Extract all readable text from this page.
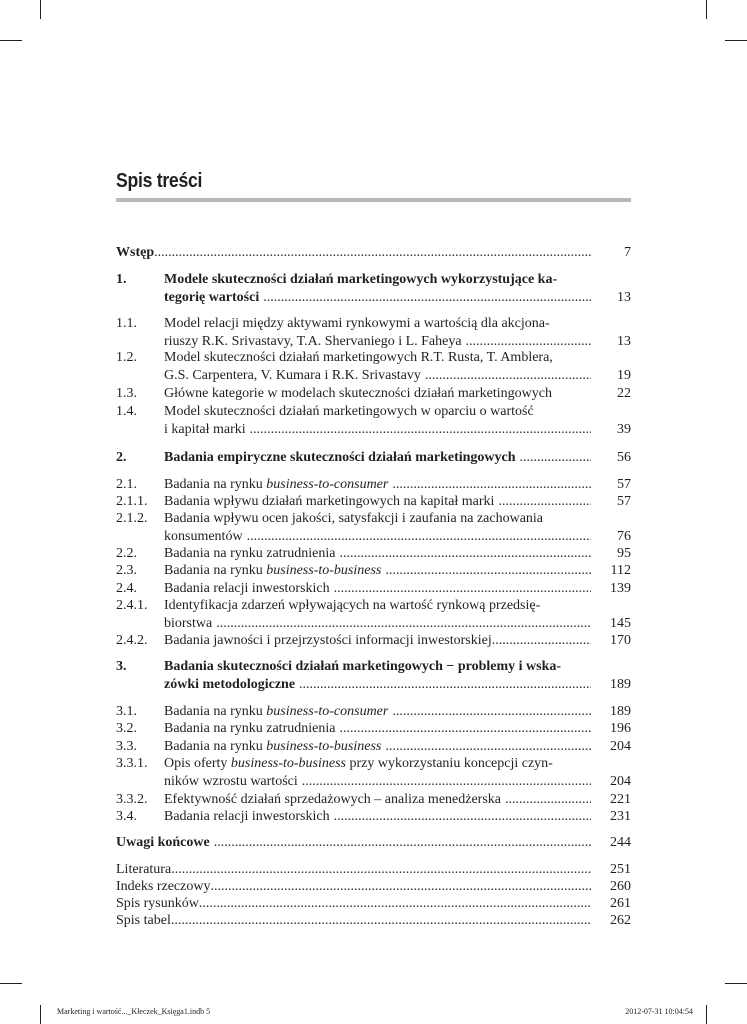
Spis treści
Wstęp .....	7
1.	Modele skuteczności działań marketingowych wykorzystujące ka-
tegorię wartości .....	13
1.1. Model relacji między aktywami rynkowymi a wartością dla akcjona-
riuszy R.K. Srivastavy, T.A. Shervaniego i L. Faheya .....	13
1.2. Model skuteczności działań marketingowych R.T. Rusta, T. Amblera,
G.S. Carpentera, V. Kumara i R.K. Srivastavy .....	19
1.3. Główne kategorie w modelach skuteczności działań marketingowych	22
1.4. Model skuteczności działań marketingowych w oparciu o wartość
i kapitał marki .....	39
2.	Badania empiryczne skuteczności działań marketingowych .....	56
2.1. Badania na rynku business-to-consumer .....	57
2.1.1. Badania wpływu działań marketingowych na kapitał marki .....	57
2.1.2. Badania wpływu ocen jakości, satysfakcji i zaufania na zachowania
konsumentów .....	76
2.2. Badania na rynku zatrudnienia .....	95
2.3. Badania na rynku business-to-business .....	112
2.4. Badania relacji inwestorskich .....	139
2.4.1. Identyfikacja zdarzeń wpływających na wartość rynkową przedsię-
biorstwa .....	145
2.4.2. Badania jawności i przejrzystości informacji inwestorskiej .....	170
3.	Badania skuteczności działań marketingowych − problemy i wska-
zówki metodologiczne .....	189
3.1. Badania na rynku business-to-consumer .....	189
3.2. Badania na rynku zatrudnienia .....	196
3.3. Badania na rynku business-to-business .....	204
3.3.1. Opis oferty business-to-business przy wykorzystaniu koncepcji czyn-
ników wzrostu wartości .....	204
3.3.2. Efektywność działań sprzedażowych – analiza menedżerska .....	221
3.4. Badania relacji inwestorskich .....	231
Uwagi końcowe .....	244
Literatura .....	251
Indeks rzeczowy .....	260
Spis rysunków .....	261
Spis tabel .....	262
Marketing i wartość..._Kłeczek_Księga1.indb 5	2012-07-31 10:04:54
